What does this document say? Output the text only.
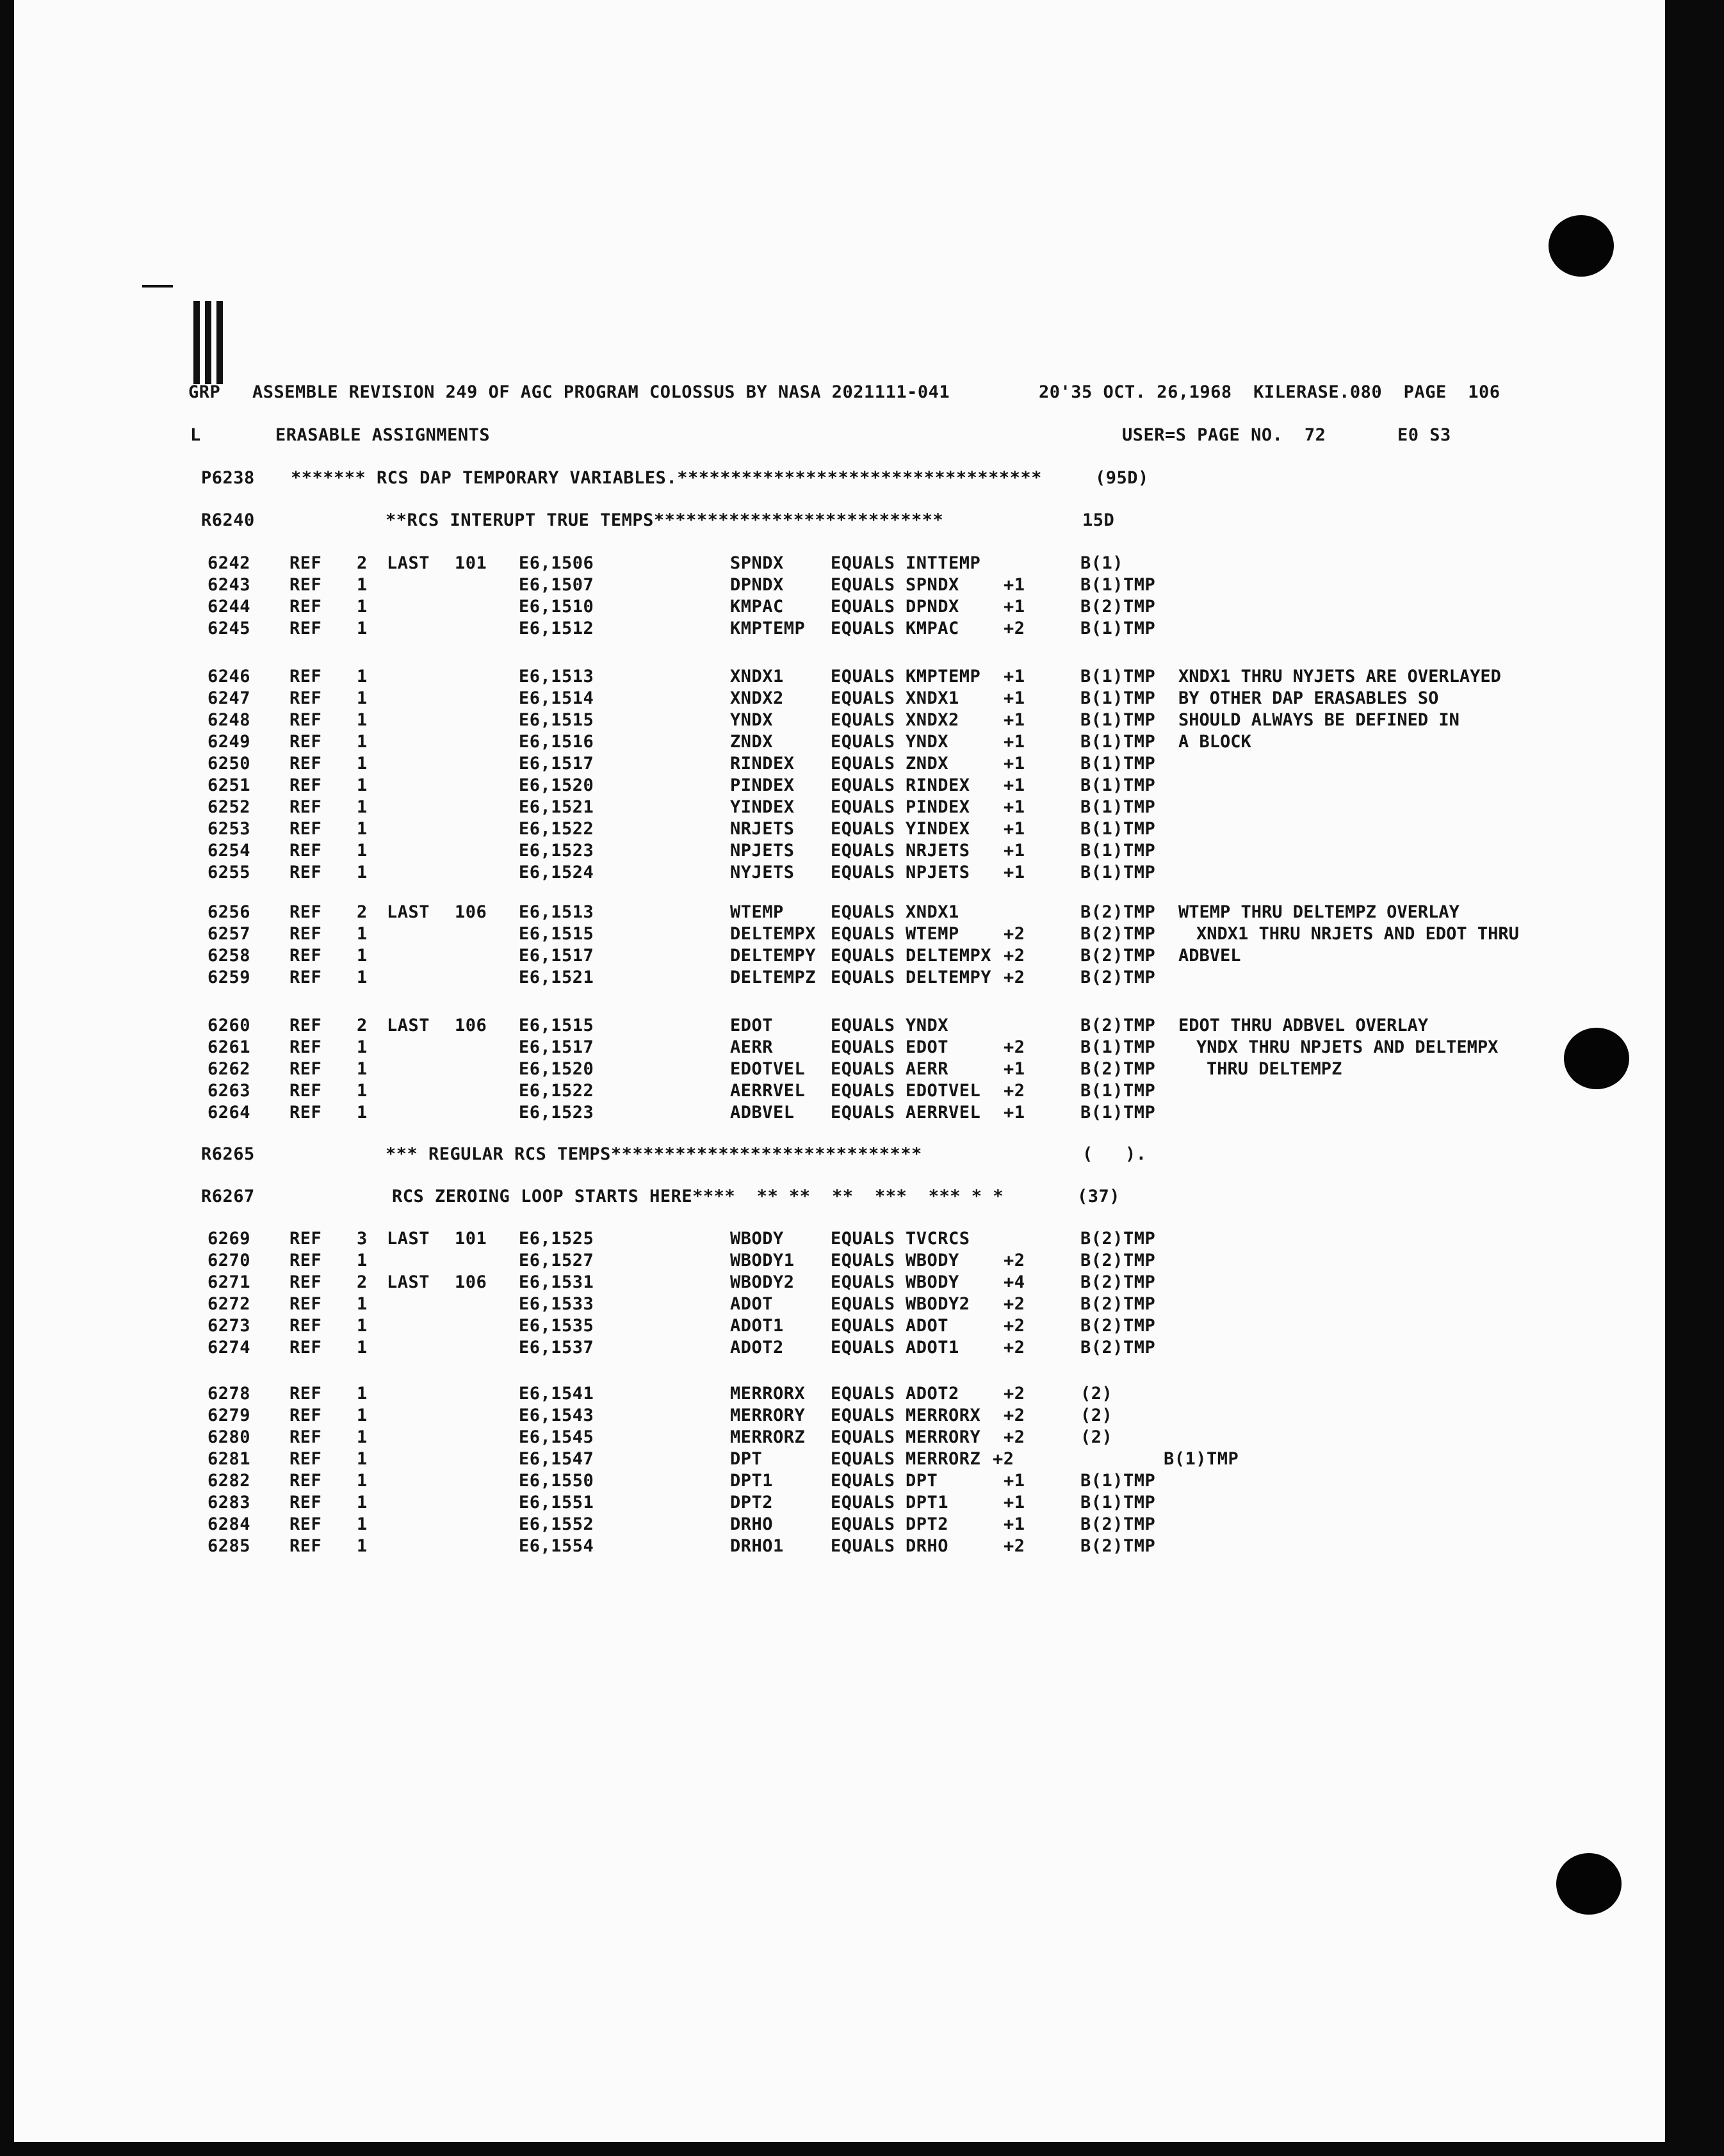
GRP ASSEMBLE REVISION 249 OF AGC PROGRAM COLOSSUS BY NASA 2021111-041	20'35 OCT. 26,1968  KILERASE.080  PAGE  106
L	ERASABLE ASSIGNMENTS	USER=S PAGE NO.  72	E0 S3
P6238 ******* RCS DAP TEMPORARY VARIABLES.**********************************	(95D)
R6240	**RCS INTERUPT TRUE TEMPS***************************	15D
R6265	*** REGULAR RCS TEMPS*****************************	(   ).
R6267	RCS ZEROING LOOP STARTS HERE****  ** **  **  ***  *** * *	(37)
6242 REF 2 LAST 101 E6,1506	SPNDX	EQUALS INTTEMP	B(1)
6243 REF 1	E6,1507	DPNDX	EQUALS SPNDX	+1	B(1)TMP
6244 REF 1	E6,1510	KMPAC	EQUALS DPNDX	+1	B(2)TMP
6245 REF 1	E6,1512	KMPTEMP EQUALS KMPAC	+2	B(1)TMP
6246 REF 1	E6,1513	XNDX1	EQUALS KMPTEMP +1	B(1)TMP
6247 REF 1	E6,1514	XNDX2	EQUALS XNDX1	+1	B(1)TMP
6248 REF 1	E6,1515	YNDX	EQUALS XNDX2	+1	B(1)TMP
6249 REF 1	E6,1516	ZNDX	EQUALS YNDX	+1	B(1)TMP
6250 REF 1	E6,1517	RINDEX EQUALS ZNDX	+1	B(1)TMP
6251 REF 1	E6,1520	PINDEX EQUALS RINDEX +1	B(1)TMP
6252 REF 1	E6,1521	YINDEX EQUALS PINDEX +1	B(1)TMP
6253 REF 1	E6,1522	NRJETS EQUALS YINDEX +1	B(1)TMP
6254 REF 1	E6,1523	NPJETS EQUALS NRJETS +1	B(1)TMP
6255 REF 1	E6,1524	NYJETS EQUALS NPJETS +1	B(1)TMP
6256 REF 2 LAST 106 E6,1513	WTEMP	EQUALS XNDX1	B(2)TMP
6257 REF 1	E6,1515	DELTEMPX EQUALS WTEMP	+2	B(2)TMP
6258 REF 1	E6,1517	DELTEMPY EQUALS DELTEMPX +2	B(2)TMP
6259 REF 1	E6,1521	DELTEMPZ EQUALS DELTEMPY +2	B(2)TMP
6260 REF 2 LAST 106 E6,1515	EDOT	EQUALS YNDX	B(2)TMP
6261 REF 1	E6,1517	AERR	EQUALS EDOT	+2	B(1)TMP
6262 REF 1	E6,1520	EDOTVEL EQUALS AERR	+1	B(2)TMP
6263 REF 1	E6,1522	AERRVEL EQUALS EDOTVEL +2	B(1)TMP
6264 REF 1	E6,1523	ADBVEL EQUALS AERRVEL +1	B(1)TMP
6269 REF 3 LAST 101 E6,1525	WBODY	EQUALS TVCRCS	B(2)TMP
6270 REF 1	E6,1527	WBODY1 EQUALS WBODY	+2	B(2)TMP
6271 REF 2 LAST 106 E6,1531	WBODY2 EQUALS WBODY	+4	B(2)TMP
6272 REF 1	E6,1533	ADOT	EQUALS WBODY2 +2	B(2)TMP
6273 REF 1	E6,1535	ADOT1	EQUALS ADOT	+2	B(2)TMP
6274 REF 1	E6,1537	ADOT2	EQUALS ADOT1	+2	B(2)TMP
6278 REF 1	E6,1541	MERRORX EQUALS ADOT2	+2	(2)
6279 REF 1	E6,1543	MERRORY EQUALS MERRORX +2	(2)
6280 REF 1	E6,1545	MERRORZ EQUALS MERRORY +2	(2)
6281 REF 1	E6,1547	DPT	EQUALS MERRORZ +2	B(1)TMP
6282 REF 1	E6,1550	DPT1	EQUALS DPT	+1	B(1)TMP
6283 REF 1	E6,1551	DPT2	EQUALS DPT1	+1	B(1)TMP
6284 REF 1	E6,1552	DRHO	EQUALS DPT2	+1	B(2)TMP
6285 REF 1	E6,1554	DRHO1	EQUALS DRHO	+2	B(2)TMP
XNDX1 THRU NYJETS ARE OVERLAYED
BY OTHER DAP ERASABLES SO
SHOULD ALWAYS BE DEFINED IN
A BLOCK
WTEMP THRU DELTEMPZ OVERLAY
XNDX1 THRU NRJETS AND EDOT THRU
ADBVEL
EDOT THRU ADBVEL OVERLAY
YNDX THRU NPJETS AND DELTEMPX
THRU DELTEMPZ
